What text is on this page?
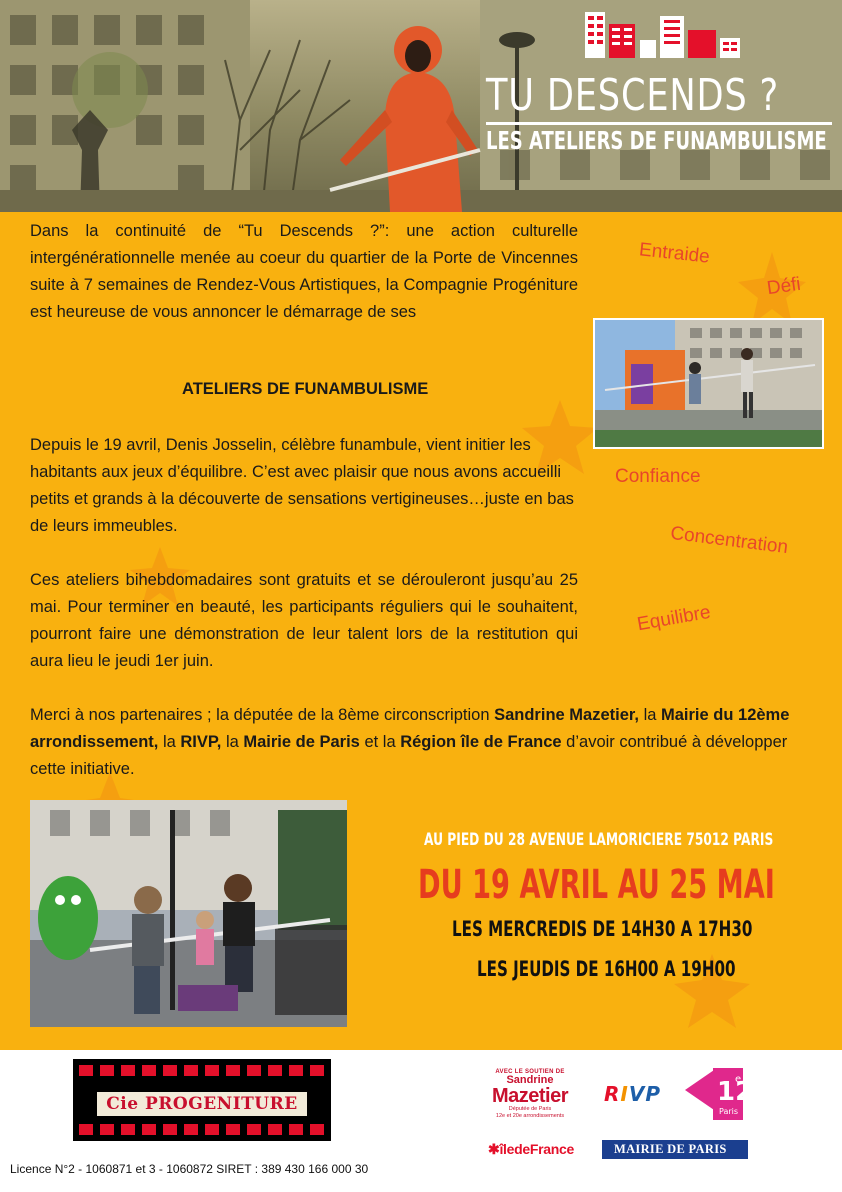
TU DESCENDS ?
LES ATELIERS DE FUNAMBULISME

Dans la continuité de “Tu Descends ?”: une action culturelle intergénérationnelle menée au coeur du quartier de la Porte de Vincennes suite à 7 semaines de Rendez-Vous Artistiques, la Compagnie Progéniture est heureuse de vous annoncer le démarrage de ses

ATELIERS DE FUNAMBULISME

Depuis le 19 avril, Denis Josselin, célèbre funambule, vient initier les habitants aux jeux d’équilibre. C’est avec plaisir que nous avons accueilli petits et grands à la découverte de sensations vertigineuses…juste en bas de leurs immeubles.

Ces ateliers bihebdomadaires sont gratuits et se dérouleront jusqu’au 25 mai. Pour terminer en beauté, les participants réguliers qui le souhaitent, pourront faire une démonstration de leur talent lors de la restitution qui aura lieu le jeudi 1er juin.

Merci à nos partenaires ; la députée de la 8ème circonscription Sandrine Mazetier, la Mairie du 12ème arrondissement, la RIVP, la Mairie de Paris et la Région île de France d’avoir contribué à développer cette initiative.

Entraide
Défi
Confiance
Concentration
Equilibre
AU PIED DU 28 AVENUE LAMORICIERE 75012 PARIS
DU 19 AVRIL AU 25 MAI
LES MERCREDIS DE 14H30 A 17H30
LES JEUDIS DE 16H00 A 19H00
Cie PROGENITURE
Licence N°2 - 1060871 et 3 - 1060872 SIRET : 389 430 166 000 30
AVEC LE SOUTIEN DE
Sandrine
Mazetier
Députée de Paris
12e et 20e arrondissements
RIVP 12
e
Paris
✱îledeFrance	MAIRIE DE PARIS
